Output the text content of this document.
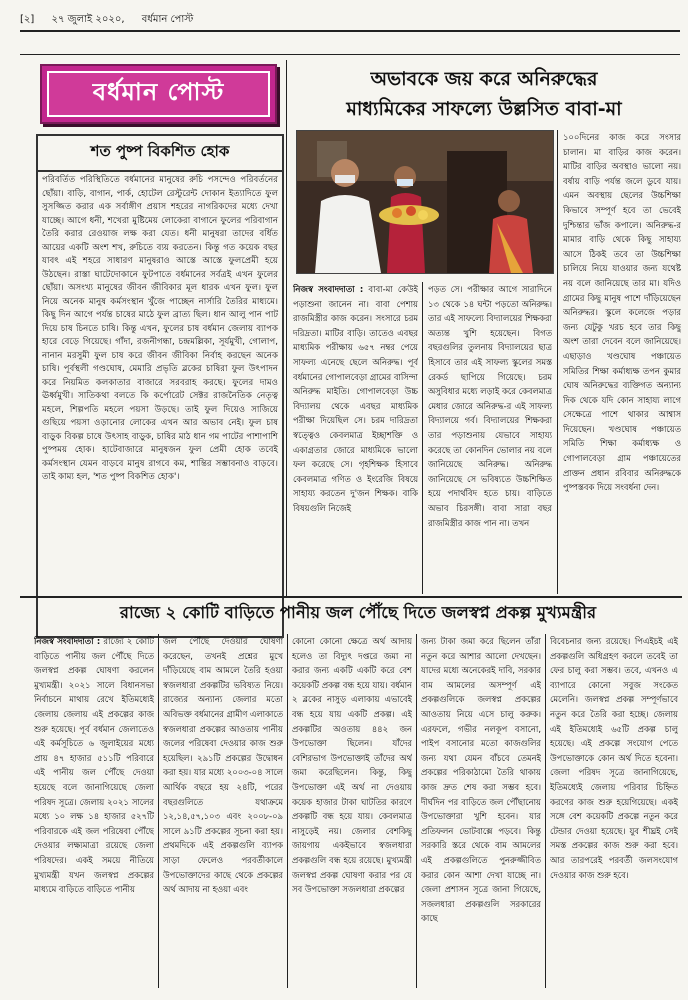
[২] ২৭ জুলাই ২০২০, বর্ধমান পোস্ট
বর্ধমান পোস্ট
শত পুষ্প বিকশিত হোক
পরিবর্তিত পরিস্থিতিতে বর্ধমানের মানুষের রুচি পসন্দেও পরিবর্তনের ছোঁয়া। বাড়ি, বাগান, পার্ক, হোটেল রেস্টুরেন্ট দোকান ইত্যাদিতে ফুল সুসজ্জিত করার এক সর্বাঙ্গীণ প্রয়াস শহরের নাগরিকদের মধ্যে দেখা যাচ্ছে। আগে ধনী, শখেরা মুষ্টিমেয় লোকেরা বাগানে ফুলের পরিবাগান তৈরি করার রেওয়াজ লক্ষ করা যেত। ধনী মানুষরা তাদের বর্ধিত আয়ের একটি অংশ শখ, রুচিতে ব্যয় করতেন। কিন্তু গত কয়েক বছর যাবৎ এই শহরে সাধারণ মানুষরাও আস্তে আস্তে ফুলপ্রেমী হয়ে উঠছেন। রাস্তা ঘাটেদোকানে ফুটপাতে বর্ধমানের সর্বত্রই এখন ফুলের ছোঁয়া। অসংখ্য মানুষের জীবন জীবিকার মূল ধারক এখন ফুল। ফুল নিয়ে অনেক মানুষ কর্মসংস্থান খুঁজে পাচ্ছেন নার্সারি তৈরির মাধ্যমে। কিছু দিন আগে পর্যন্ত চাষের মাঠে ফুল ব্রাত্য ছিল। ধান আলু পান পাট দিয়ে চাষ চিনতে চাষি। কিন্তু এখন, ফুলের চাষ বর্ধমান জেলায় ব্যাপক হারে বেড়ে গিয়েছে। গাঁদা, রজনীগন্ধা, চন্দ্রমল্লিকা, সূর্যমুখী, গোলাপ, নানান মরসুমী ফুল চাষ করে জীবন জীবিকা নির্বাহ করছেন অনেক চাষি। পূর্বস্থলী গণ্ডঘোষ, মেমারি প্রভৃতি ব্লকের চাষিরা ফুল উৎপাদন করে নিয়মিত কলকাতার বাজারে সরবরাহ করছে। ফুলের দামও ঊর্ধ্বমুখী। সাতিকথা বলতে কি কর্পোরেট সেক্টর রাজনৈতিক নেতৃত্ব মহলে, শিল্পপতি মহলে পয়সা উড়ছে। তাই ফুল দিয়েও সাজিয়ে গুছিয়ে পয়সা ওড়ানোর লোকের এখন আর অভাব নেই। ফুল চাষ বাড়ুক বিকল্প চাষে উৎসাহ বাড়ুক, চাষির মাঠ ধান গম পাটের পাশাপাশি পুষ্পময় হোক। হাটেবাজারে মানুষজন ফুল প্রেমী হোক তবেই কর্মসংস্থান যেমন বাড়বে মানুষ রাগবে কম, শান্তির সম্ভাবনাও বাড়বে। তাই কাম্য হল, 'শত পুষ্প বিকশিত হোক'।
অভাবকে জয় করে অনিরুদ্ধের
মাধ্যমিকের সাফল্যে উল্লসিত বাবা-মা
নিজস্ব সংবাদদাতা : বাবা-মা কেউই পড়াশুনা জানেন না। বাবা পেশায় রাজমিস্ত্রীর কাজ করেন। সংসারে চরম দরিদ্রতা। মাটির বাড়ি। তাতেও এবছর মাধ্যমিক পরীক্ষায় ৬৫৭ নম্বর পেয়ে সাফল্য এনেছে ছেলে অনিরুদ্ধ। পূর্ব বর্ধমানের গোপালবেড়া গ্রামের বাসিন্দা অনিরুদ্ধ মাইতি। গোপালবেড়া উচ্চ বিদ্যালয় থেকে এবছর মাধ্যমিক পরীক্ষা দিয়েছিল সে। চরম দারিদ্রতা স্বত্ত্বেও কেবলমাত্র ইচ্ছাশক্তি ও একাগ্রতার জোরে মাধ্যমিকে ভালো ফল করেছে সে। গৃহশিক্ষক হিসাবে কেবলমাত্র গণিত ও ইংরেজি বিষয়ে সাহায্য করতেন দু'জন শিক্ষক। বাকি বিষয়গুলি নিজেই
পড়ত সে। পরীক্ষার আগে সারাদিনে ১৩ থেকে ১৪ ঘন্টা পড়তো অনিরুদ্ধ। তার এই সাফল্যে বিদ্যালয়ের শিক্ষকরা অত্যন্ত খুশি হয়েছেন। বিগত বছরগুলির তুলনায় বিদ্যালয়ের ছাত্র হিসাবে তার এই সাফল্য স্কুলের সমস্ত রেকর্ড ছাপিয়ে গিয়েছে। চরম অসুবিধার মধ্যে লড়াই করে কেবলমাত্র মেধার জোরে অনিরুদ্ধ-র এই সাফল্য বিদ্যালয়ে গর্ব। বিদ্যালয়ের শিক্ষকরা তার পড়াশুনায় যেভাবে সাহায্য করেছে তা কোনদিন ভোলার নয় বলে জানিয়েছে অনিরুদ্ধ। অনিরুদ্ধ জানিয়েছে সে ভবিষ্যতে উচ্চশিক্ষিত হয়ে পদার্থবিদ হতে চায়। বাড়িতে অভাব চিরসঙ্গী। বাবা সারা বছর রাজমিস্ত্রীর কাজ পান না। তখন
১০০দিনের কাজ করে সংসার চালান। মা বাড়ির কাজ করেন। মাটির বাড়ির অবস্থাও ভালো নয়। বর্ষায় বাড়ি পর্যন্ত জলে ডুবে যায়। এমন অবস্থায় ছেলের উচ্চশিক্ষা কিভাবে সম্পূর্ণ হবে তা ভেবেই দুশ্চিন্তার ভাঁজ কপালে। অনিরুদ্ধ-র মামার বাড়ি থেকে কিছু সাহায্য আসে ঠিকই তবে তা উচ্চশিক্ষা চালিয়ে নিয়ে যাওয়ার জন্য যথেষ্ট নয় বলে জানিয়েছে তার মা। যদিও গ্রামের কিছু মানুষ পাশে দাঁড়িয়েছেন অনিরুদ্ধর। স্কুলে কলেজে পড়ার জন্য যেটুকু খরচ হবে তার কিছু অংশ তারা দেবেন বলে জানিয়েছে। এছাড়াও খণ্ডঘোষ পঞ্চায়েত সমিতির শিক্ষা কর্মাধ্যক্ষ তপন কুমার ঘোষ অনিরুদ্ধের ব্যক্তিগত অন্যান্য দিক থেকে যদি কোন সাহায্য লাগে সেক্ষেত্রে পাশে থাকার আশ্বাস দিয়েছেন। খণ্ডঘোষ পঞ্চায়েত সমিতি শিক্ষা কর্মাধ্যক্ষ ও গোপালবেড়া গ্রাম পঞ্চায়েতের প্রাক্তন প্রধান রবিবার অনিরুদ্ধকে পুষ্পস্তবক দিয়ে সংবর্ধনা দেন।
রাজ্যে ২ কোটি বাড়িতে পানীয় জল পৌঁছে দিতে জলস্বপ্ন প্রকল্প মুখ্যমন্ত্রীর
নিজস্ব সংবাদদাতা : রাজ্যে ২ কোটি বাড়িতে পানীয় জল পৌঁছে দিতে জলস্বপ্ন প্রকল্প ঘোষণা করলেন মুখ্যমন্ত্রী। ২০২১ সালে বিধানসভা নির্বাচনে মাথায় রেখে ইতিমধ্যেই জেলায় জেলায় এই প্রকল্পের কাজ শুরু হয়েছে। পূর্ব বর্ধমান জেলাতেও এই কর্মসূচিতে ৬ জুলাইয়ের মধ্যে প্রায় ৪৭ হাজার ৫১১টি পরিবারে এই পানীয় জল পৌঁছে দেওয়া হয়েছে বলে জানাগিয়েছে জেলা পরিষদ সূত্রে। জেলায় ২০২১ সালের মধ্যে ১০ লক্ষ ১৪ হাজার ৫২৭টি পরিবারকে এই জল পরিষেবা পৌঁছে দেওয়ার লক্ষ্যমাত্রা রয়েছে জেলা পরিষদের। একই সময়ে নীতিয়ে মুখ্যমন্ত্রী যখন জলস্বপ্ন প্রকল্পের মাধ্যমে বাড়িতে বাড়িতে পানীয়
জল পৌঁছে দেওয়ার ঘোষণা করেছেন, তখনই প্রশ্নের মুখে দাঁড়িয়েছে বাম আমলে তৈরি হওয়া স্বজলধারা প্রকল্পটির ভবিষ্যত নিয়ে। রাজ্যের অন্যান্য জেলার মতো অবিভক্ত বর্ধমানের গ্রামীণ এলাকাতে স্বজলধারা প্রকল্পের আওতায় পানীয় জলের পরিষেবা দেওয়ার কাজ শুরু হয়েছিল। ২৯১টি প্রকল্পের উদ্বোধন করা হয়। যার মধ্যে ২০০৩-০৪ সালে আর্থিক বছরে হয় ২৪টি, পরের বছরগুলিতে যথাক্রমে ১২,১৪,৫৭,১০৩ এবং ২০০৮-০৯ সালে ৯১টি প্রকল্পের সূচনা করা হয়। প্রথমদিকে এই প্রকল্পগুলি ব্যাপক সাড়া ফেলেও পরবর্তীকালে উপভোক্তাদের কাছে থেকে প্রকল্পের অর্থ আদায় না হওয়া এবং
কোনো কোনো ক্ষেত্রে অর্থ আদায় হলেও তা বিদ্যুৎ দপ্তরে জমা না করার জন্য একটি একটি করে বেশ কয়েকটি প্রকল্প বন্ধ হয়ে যায়। বর্ধমান ২ ব্লকের নাসুড় এলাকায় এভাবেই বন্ধ হয়ে যায় একটি প্রকল্প। এই প্রকল্পটির অওতায় ৪৪২ জন উপভোক্তা ছিলেন। যাঁদের বেশিরভাগ উপভোক্তাই তাঁদের অর্থ জমা করেছিলেন। কিন্তু, কিছু উপভোক্তা এই অর্থ না দেওয়ায় কয়েক হাজার টাকা ঘাটতির কারণে প্রকল্পটি বন্ধ হয়ে যায়। কেবলমাত্র নাসুড়েই নয়। জেলার বেশকিছু জায়গায় একইভাবে স্বজলধারা প্রকল্পগুলি বন্ধ হয়ে রয়েছে। মুখ্যমন্ত্রী জলস্বপ্ন প্রকল্প ঘোষণা করার পর যে সব উপভোক্তা সজলধারা প্রকল্পের
জন্য টাকা জমা করে ছিলেন তাঁরা নতুন করে আশার আলো দেখছেন। যাদের মধ্যে অনেকেরই দাবি, সরকার বাম আমলের অসম্পূর্ণ এই প্রকল্পগুলিকে জলস্বপ্ন প্রকল্পের আওতায় নিয়ে এসে চালু করুক। এরফলে, গভীর নলকূপ বসানো, পাইপ বসানোর মতো কাজগুলির জন্য যথা যেমন বাঁচবে তেমনই প্রকল্পের পরিকাঠামো তৈরি থাকায় কাজ দ্রুত শেষ করা সম্ভব হবে। দীর্ঘদিন পর বাড়িতে জল পৌঁছানোয় উপভোক্তারা খুশি হবেন। যার প্রতিফলন ভোটবাক্সে পড়বে। কিন্তু সরকারি স্তরে থেকে বাম আমলের এই প্রকল্পগুলিতে পুনরুজ্জীবিত করার কোন আশা দেখা যাচ্ছে না। জেলা প্রশাসন সূত্রে জানা গিয়েছে, সজলধারা প্রকল্পগুলি সরকারের কাছে
বিবেচনার জন্য রয়েছে। পিএইচই এই প্রকল্পগুলি অধিগ্রহণ করলে তবেই তা ফের চালু করা সম্ভব। তবে, এখনও এ ব্যাপারে কোনো সবুজ সংকেত মেলেনি। জলস্বপ্ন প্রকল্প সম্পূর্ণভাবে নতুন করে তৈরি করা হচ্ছে। জেলায় এই ইতিমধ্যেই ৬৫টি প্রকল্প চালু হয়েছে। এই প্রকল্পে সংযোগ পেতে উপভোক্তাকে কোন অর্থ দিতে হবেনা। জেলা পরিষদ সূত্রে জানাগিয়েছে, ইতিমধ্যেই জেলায় পরিবার চিহ্নিত করণের কাজ শুরু হয়েগিয়েছে। একই সঙ্গে বেশ কয়েকটি প্রকল্পে নতুন করে টেন্ডার দেওয়া হয়েছে। যুব শীঘ্রই সেই সমস্ত প্রকল্পের কাজ শুরু করা হবে। আর তারপরেই পরবর্তী জলসংযোগ দেওয়ার কাজ শুরু হবে।
